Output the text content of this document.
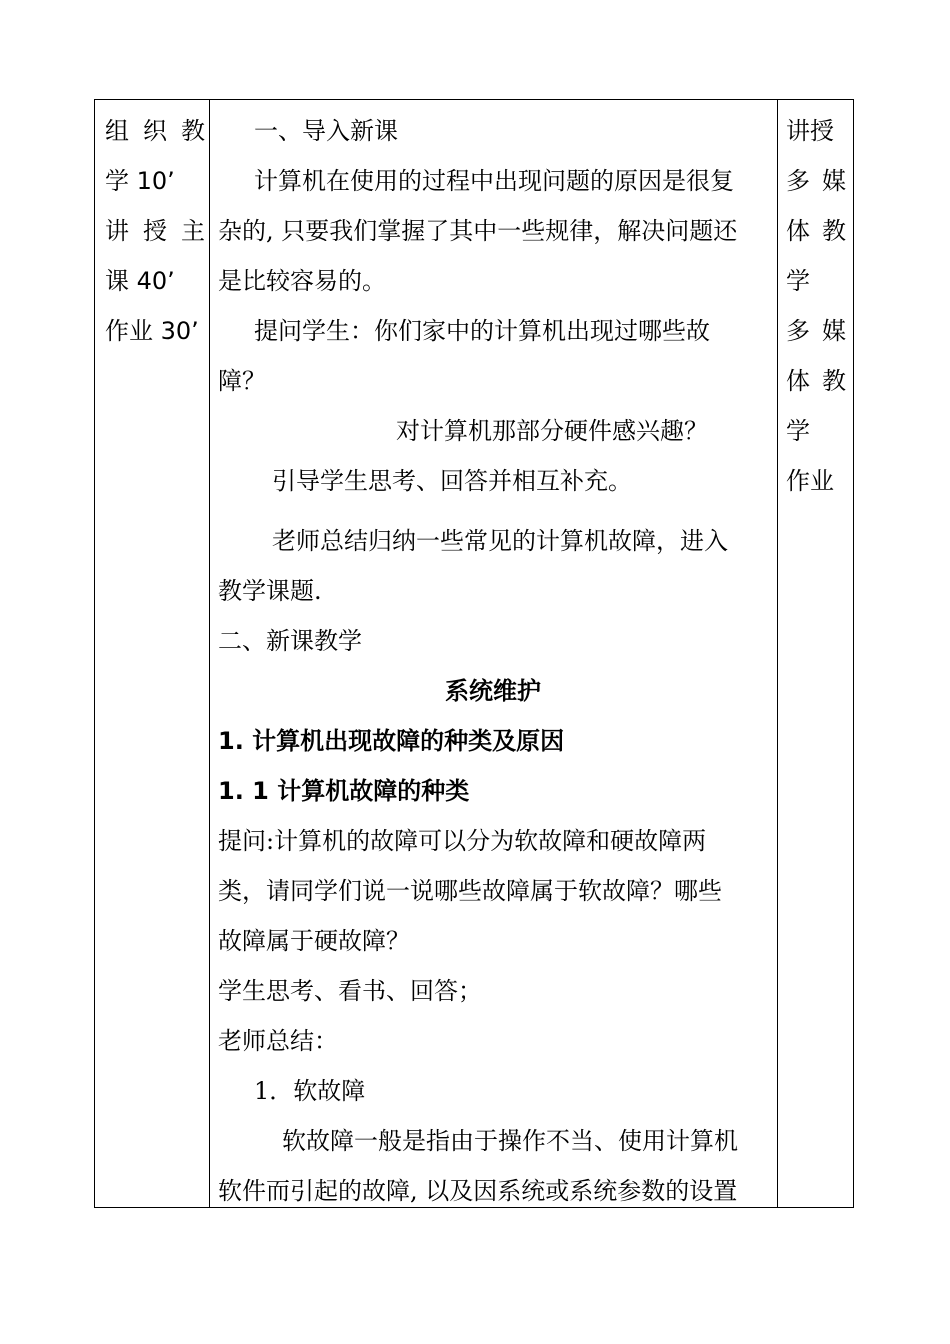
组 织 教
学 10’
讲 授 主
课 40’
作业 30’
一、导入新课
计算机在使用的过程中出现问题的原因是很复
杂的, 只要我们掌握了其中一些规律，解决问题还
是比较容易的。
提问学生：你们家中的计算机出现过哪些故
障？
对计算机那部分硬件感兴趣？
引导学生思考、回答并相互补充。
老师总结归纳一些常见的计算机故障，进入
教学课题.
二、新课教学
系统维护
1. 计算机出现故障的种类及原因
1. 1 计算机故障的种类
提问:计算机的故障可以分为软故障和硬故障两
类，请同学们说一说哪些故障属于软故障？哪些
故障属于硬故障？
学生思考、看书、回答；
老师总结：
1．软故障
软故障一般是指由于操作不当、使用计算机
软件而引起的故障, 以及因系统或系统参数的设置
讲授
多 媒
体 教
学
多 媒
体 教
学
作业
